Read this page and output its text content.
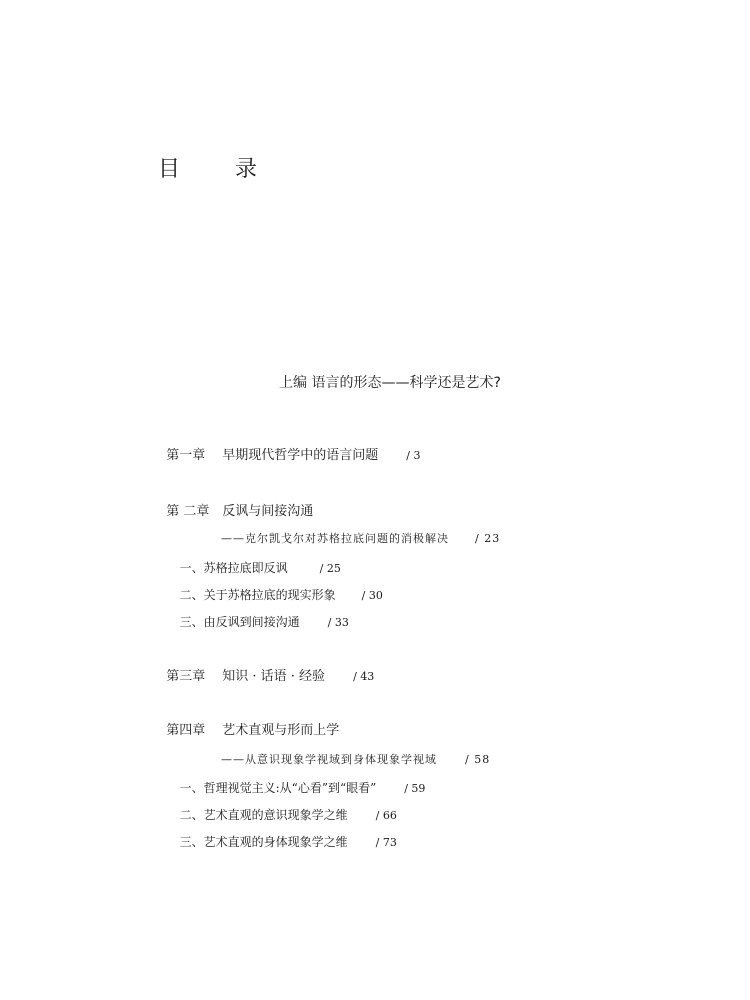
目 录
上编 语言的形态——科学还是艺术?

第一章 早期现代哲学中的语言问题	/ 3

第 二章 反讽与间接沟通

——克尔凯戈尔对苏格拉底问题的消极解决 / 23

一、苏格拉底即反讽	/ 25

二、关于苏格拉底的现实形象 / 30

三、由反讽到间接沟通	/ 33

第三章 知识 · 话语 · 经验	/ 43

第四章 艺术直观与形而上学

——从意识现象学视域到身体现象学视域	/ 58

一、哲理视觉主义:从“心看”到“眼看”	/ 59

二、艺术直观的意识现象学之维	/ 66

三、艺术直观的身体现象学之维	/ 73
